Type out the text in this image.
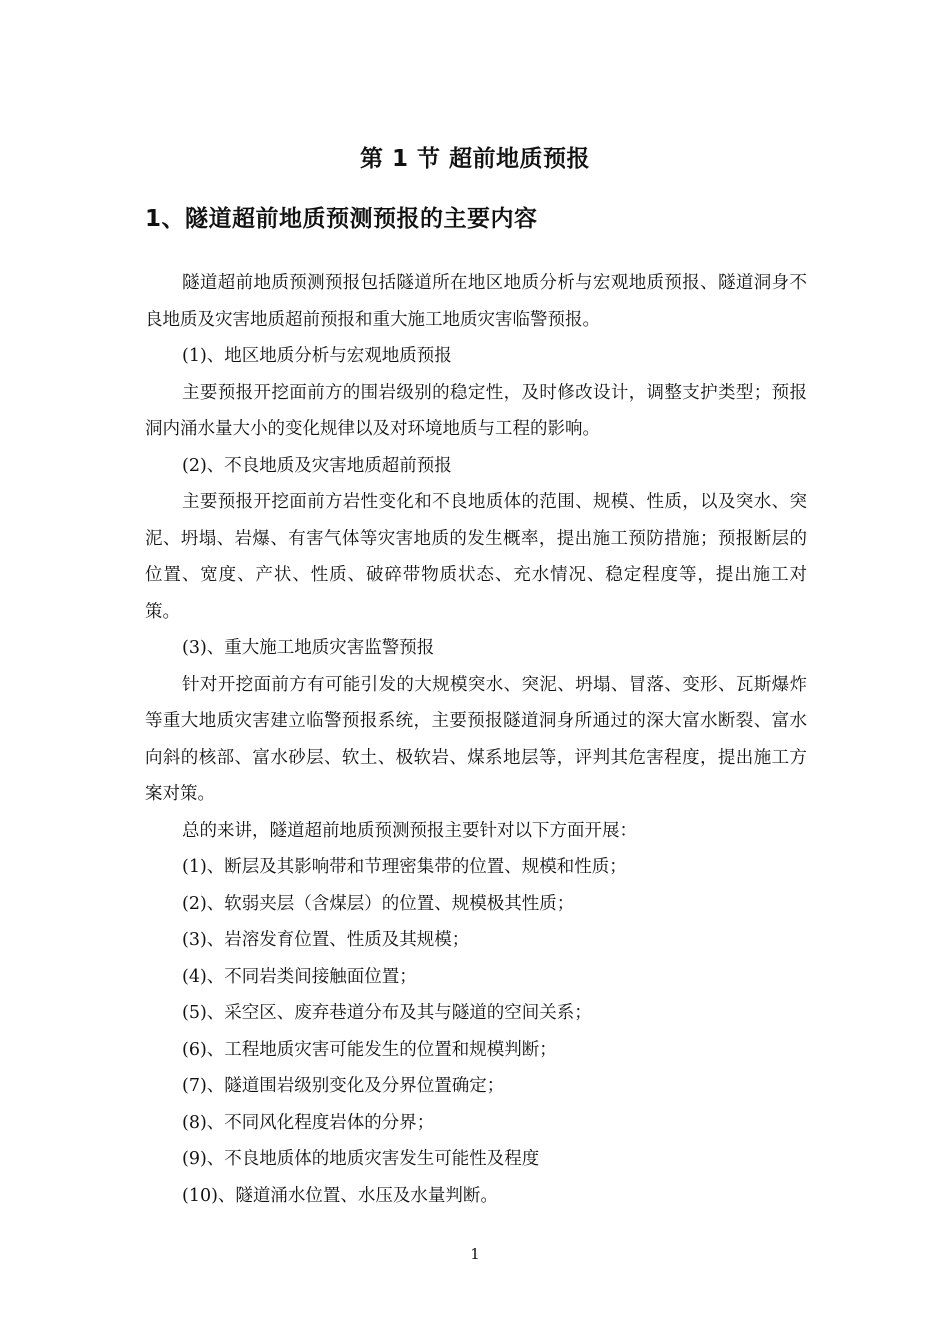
第 1 节 超前地质预报
1、隧道超前地质预测预报的主要内容

隧道超前地质预测预报包括隧道所在地区地质分析与宏观地质预报、隧道洞身不良地质及灾害地质超前预报和重大施工地质灾害临警预报。

(1)、地区地质分析与宏观地质预报

主要预报开挖面前方的围岩级别的稳定性，及时修改设计，调整支护类型；预报洞内涌水量大小的变化规律以及对环境地质与工程的影响。

(2)、不良地质及灾害地质超前预报

主要预报开挖面前方岩性变化和不良地质体的范围、规模、性质，以及突水、突泥、坍塌、岩爆、有害气体等灾害地质的发生概率，提出施工预防措施；预报断层的位置、宽度、产状、性质、破碎带物质状态、充水情况、稳定程度等，提出施工对策。

(3)、重大施工地质灾害监警预报

针对开挖面前方有可能引发的大规模突水、突泥、坍塌、冒落、变形、瓦斯爆炸等重大地质灾害建立临警预报系统，主要预报隧道洞身所通过的深大富水断裂、富水向斜的核部、富水砂层、软土、极软岩、煤系地层等，评判其危害程度，提出施工方案对策。

总的来讲，隧道超前地质预测预报主要针对以下方面开展：

(1)、断层及其影响带和节理密集带的位置、规模和性质；

(2)、软弱夹层（含煤层）的位置、规模极其性质；

(3)、岩溶发育位置、性质及其规模；

(4)、不同岩类间接触面位置；

(5)、采空区、废弃巷道分布及其与隧道的空间关系；

(6)、工程地质灾害可能发生的位置和规模判断；

(7)、隧道围岩级别变化及分界位置确定；

(8)、不同风化程度岩体的分界；

(9)、不良地质体的地质灾害发生可能性及程度

(10)、隧道涌水位置、水压及水量判断。

1
